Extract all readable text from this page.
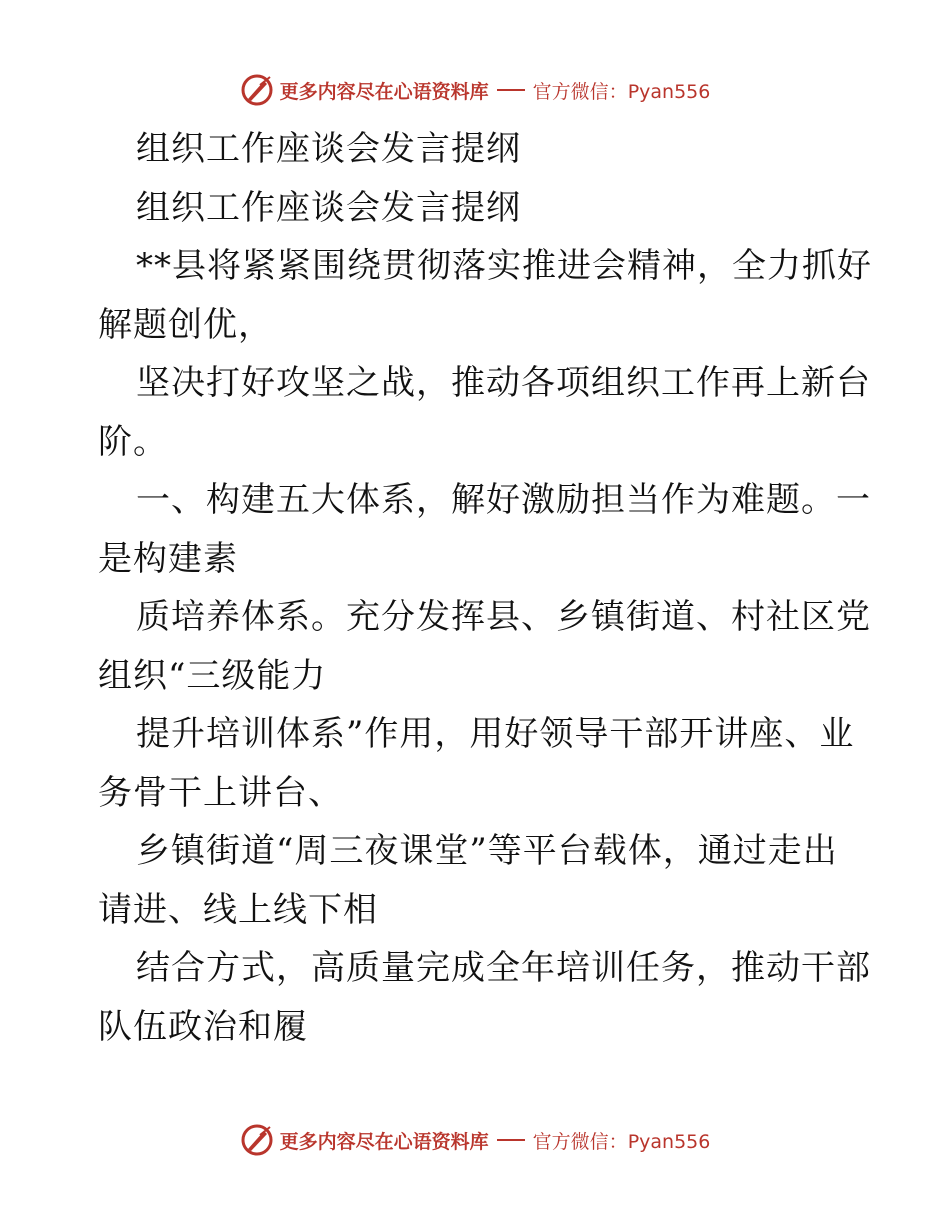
更多内容尽在心语资料库 官方微信：Pyan556
组织工作座谈会发言提纲
组织工作座谈会发言提纲
**县将紧紧围绕贯彻落实推进会精神，全力抓好
解题创优，
坚决打好攻坚之战，推动各项组织工作再上新台
阶。
一、构建五大体系，解好激励担当作为难题。一
是构建素
质培养体系。充分发挥县、乡镇街道、村社区党
组织“三级能力
提升培训体系”作用，用好领导干部开讲座、业
务骨干上讲台、
乡镇街道“周三夜课堂”等平台载体，通过走出
请进、线上线下相
结合方式，高质量完成全年培训任务，推动干部
队伍政治和履
更多内容尽在心语资料库 官方微信：Pyan556
